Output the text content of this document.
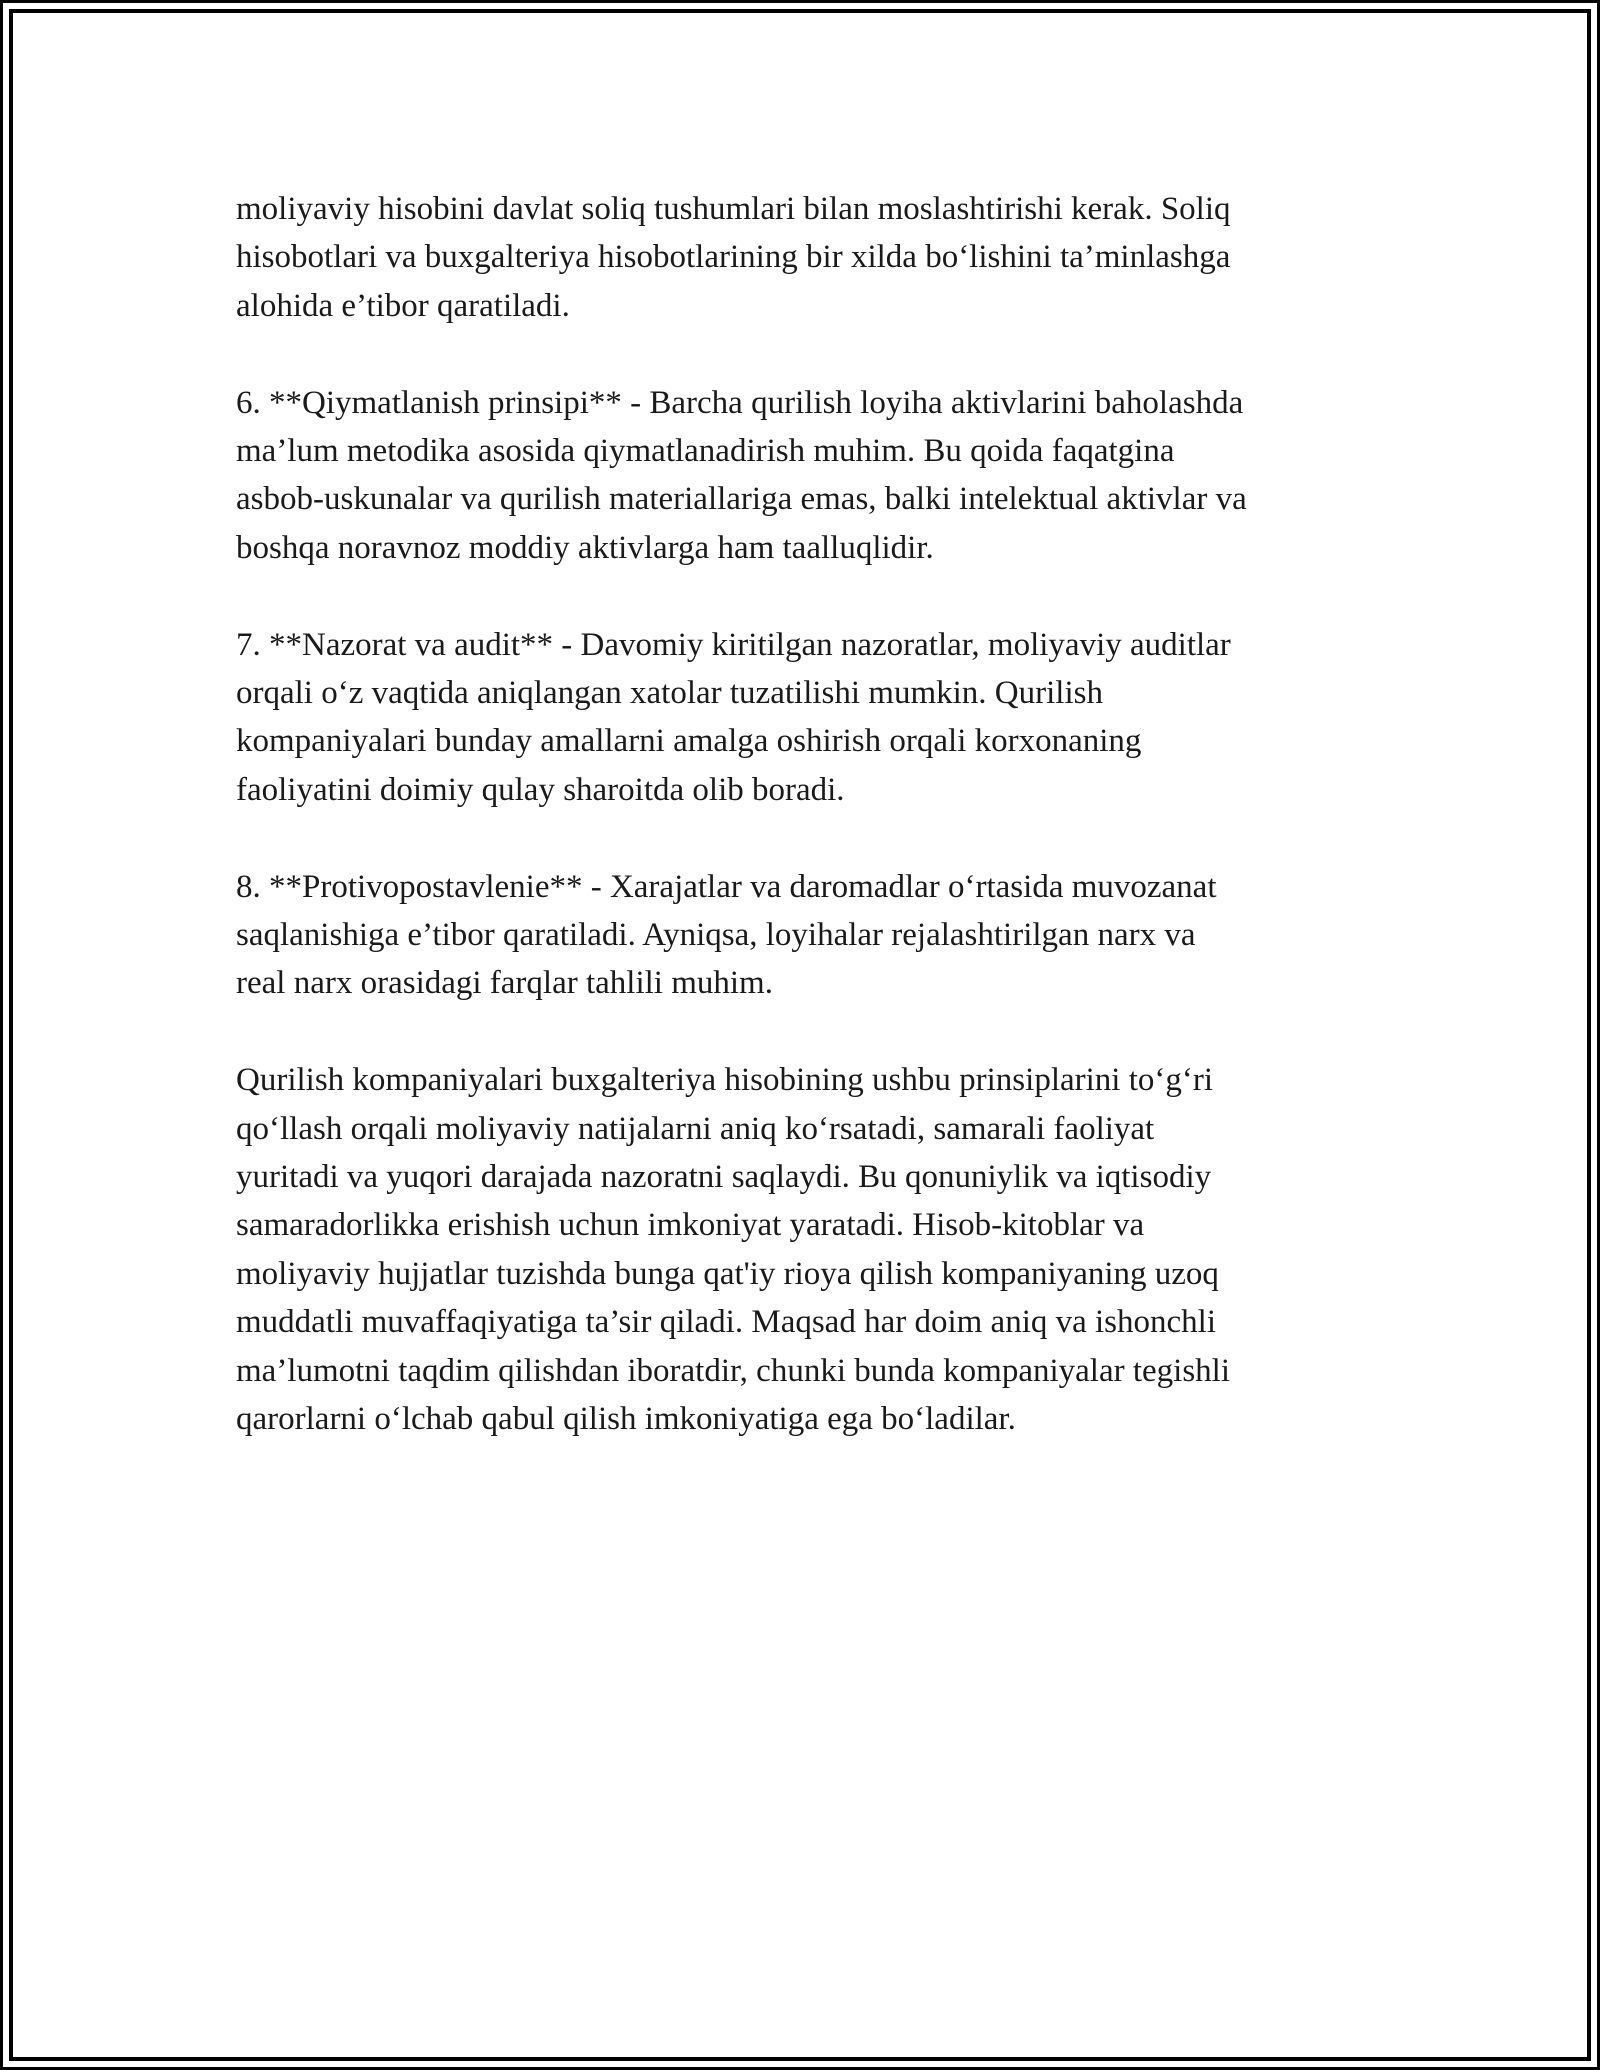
moliyaviy hisobini davlat soliq tushumlari bilan moslashtirishi kerak. Soliq
hisobotlari va buxgalteriya hisobotlarining bir xilda bo‘lishini ta’minlashga
alohida e’tibor qaratiladi.

6. **Qiymatlanish prinsipi** - Barcha qurilish loyiha aktivlarini baholashda
ma’lum metodika asosida qiymatlanadirish muhim. Bu qoida faqatgina
asbob-uskunalar va qurilish materiallariga emas, balki intelektual aktivlar va
boshqa noravnoz moddiy aktivlarga ham taalluqlidir.

7. **Nazorat va audit** - Davomiy kiritilgan nazoratlar, moliyaviy auditlar
orqali o‘z vaqtida aniqlangan xatolar tuzatilishi mumkin. Qurilish
kompaniyalari bunday amallarni amalga oshirish orqali korxonaning
faoliyatini doimiy qulay sharoitda olib boradi.

8. **Protivopostavlenie** - Xarajatlar va daromadlar o‘rtasida muvozanat
saqlanishiga e’tibor qaratiladi. Ayniqsa, loyihalar rejalashtirilgan narx va
real narx orasidagi farqlar tahlili muhim.

Qurilish kompaniyalari buxgalteriya hisobining ushbu prinsiplarini to‘g‘ri
qo‘llash orqali moliyaviy natijalarni aniq ko‘rsatadi, samarali faoliyat
yuritadi va yuqori darajada nazoratni saqlaydi. Bu qonuniylik va iqtisodiy
samaradorlikka erishish uchun imkoniyat yaratadi. Hisob-kitoblar va
moliyaviy hujjatlar tuzishda bunga qat'iy rioya qilish kompaniyaning uzoq
muddatli muvaffaqiyatiga ta’sir qiladi. Maqsad har doim aniq va ishonchli
ma’lumotni taqdim qilishdan iboratdir, chunki bunda kompaniyalar tegishli
qarorlarni o‘lchab qabul qilish imkoniyatiga ega bo‘ladilar.
